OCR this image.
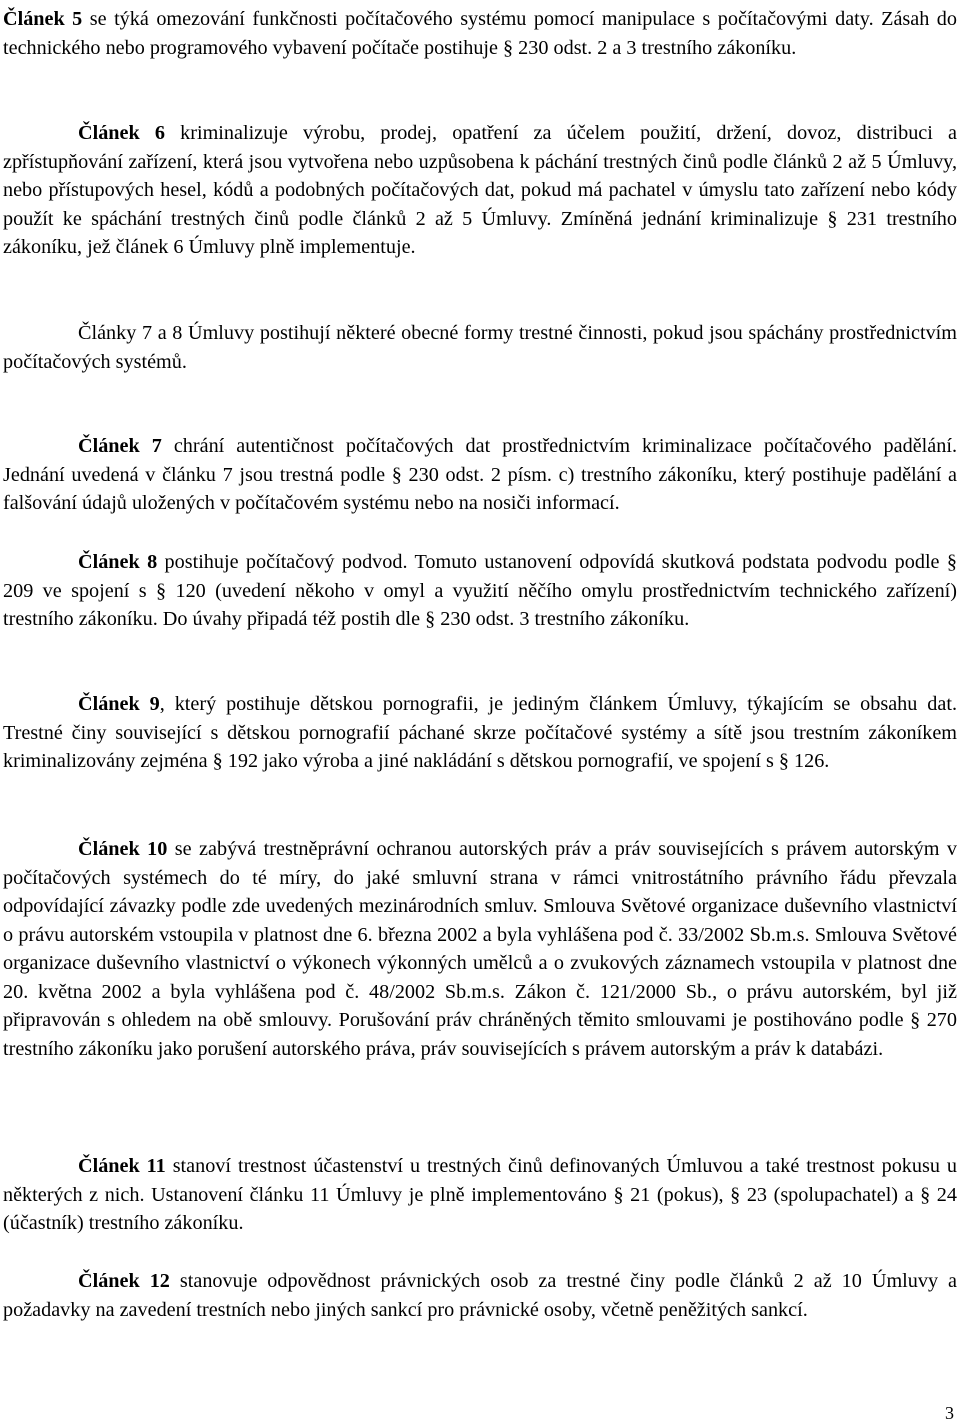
Článek 5 se týká omezování funkčnosti počítačového systému pomocí manipulace s počítačovými daty. Zásah do technického nebo programového vybavení počítače postihuje § 230 odst. 2 a 3 trestního zákoníku.

Článek 6 kriminalizuje výrobu, prodej, opatření za účelem použití, držení, dovoz, distribuci a zpřístupňování zařízení, která jsou vytvořena nebo uzpůsobena k páchání trestných činů podle článků 2 až 5 Úmluvy, nebo přístupových hesel, kódů a podobných počítačových dat, pokud má pachatel v úmyslu tato zařízení nebo kódy použít ke spáchání trestných činů podle článků 2 až 5 Úmluvy. Zmíněná jednání kriminalizuje § 231 trestního zákoníku, jež článek 6 Úmluvy plně implementuje.

Články 7 a 8 Úmluvy postihují některé obecné formy trestné činnosti, pokud jsou spáchány prostřednictvím počítačových systémů.

Článek 7 chrání autentičnost počítačových dat prostřednictvím kriminalizace počítačového padělání. Jednání uvedená v článku 7 jsou trestná podle § 230 odst. 2 písm. c) trestního zákoníku, který postihuje padělání a falšování údajů uložených v počítačovém systému nebo na nosiči informací.

Článek 8 postihuje počítačový podvod. Tomuto ustanovení odpovídá skutková podstata podvodu podle § 209 ve spojení s § 120 (uvedení někoho v omyl a využití něčího omylu prostřednictvím technického zařízení) trestního zákoníku. Do úvahy připadá též postih dle § 230 odst. 3 trestního zákoníku.

Článek 9, který postihuje dětskou pornografii, je jediným článkem Úmluvy, týkajícím se obsahu dat. Trestné činy související s dětskou pornografií páchané skrze počítačové systémy a sítě jsou trestním zákoníkem kriminalizovány zejména § 192 jako výroba a jiné nakládání s dětskou pornografií, ve spojení s § 126.

Článek 10 se zabývá trestněprávní ochranou autorských práv a práv souvisejících s právem autorským v počítačových systémech do té míry, do jaké smluvní strana v rámci vnitrostátního právního řádu převzala odpovídající závazky podle zde uvedených mezinárodních smluv. Smlouva Světové organizace duševního vlastnictví o právu autorském vstoupila v platnost dne 6. března 2002 a byla vyhlášena pod č. 33/2002 Sb.m.s. Smlouva Světové organizace duševního vlastnictví o výkonech výkonných umělců a o zvukových záznamech vstoupila v platnost dne 20. května 2002 a byla vyhlášena pod č. 48/2002 Sb.m.s. Zákon č. 121/2000 Sb., o právu autorském, byl již připravován s ohledem na obě smlouvy. Porušování práv chráněných těmito smlouvami je postihováno podle § 270 trestního zákoníku jako porušení autorského práva, práv souvisejících s právem autorským a práv k databázi.

Článek 11 stanoví trestnost účastenství u trestných činů definovaných Úmluvou a také trestnost pokusu u některých z nich. Ustanovení článku 11 Úmluvy je plně implementováno § 21 (pokus), § 23 (spolupachatel) a § 24 (účastník) trestního zákoníku.

Článek 12 stanovuje odpovědnost právnických osob za trestné činy podle článků 2 až 10 Úmluvy a požadavky na zavedení trestních nebo jiných sankcí pro právnické osoby, včetně peněžitých sankcí.

3
